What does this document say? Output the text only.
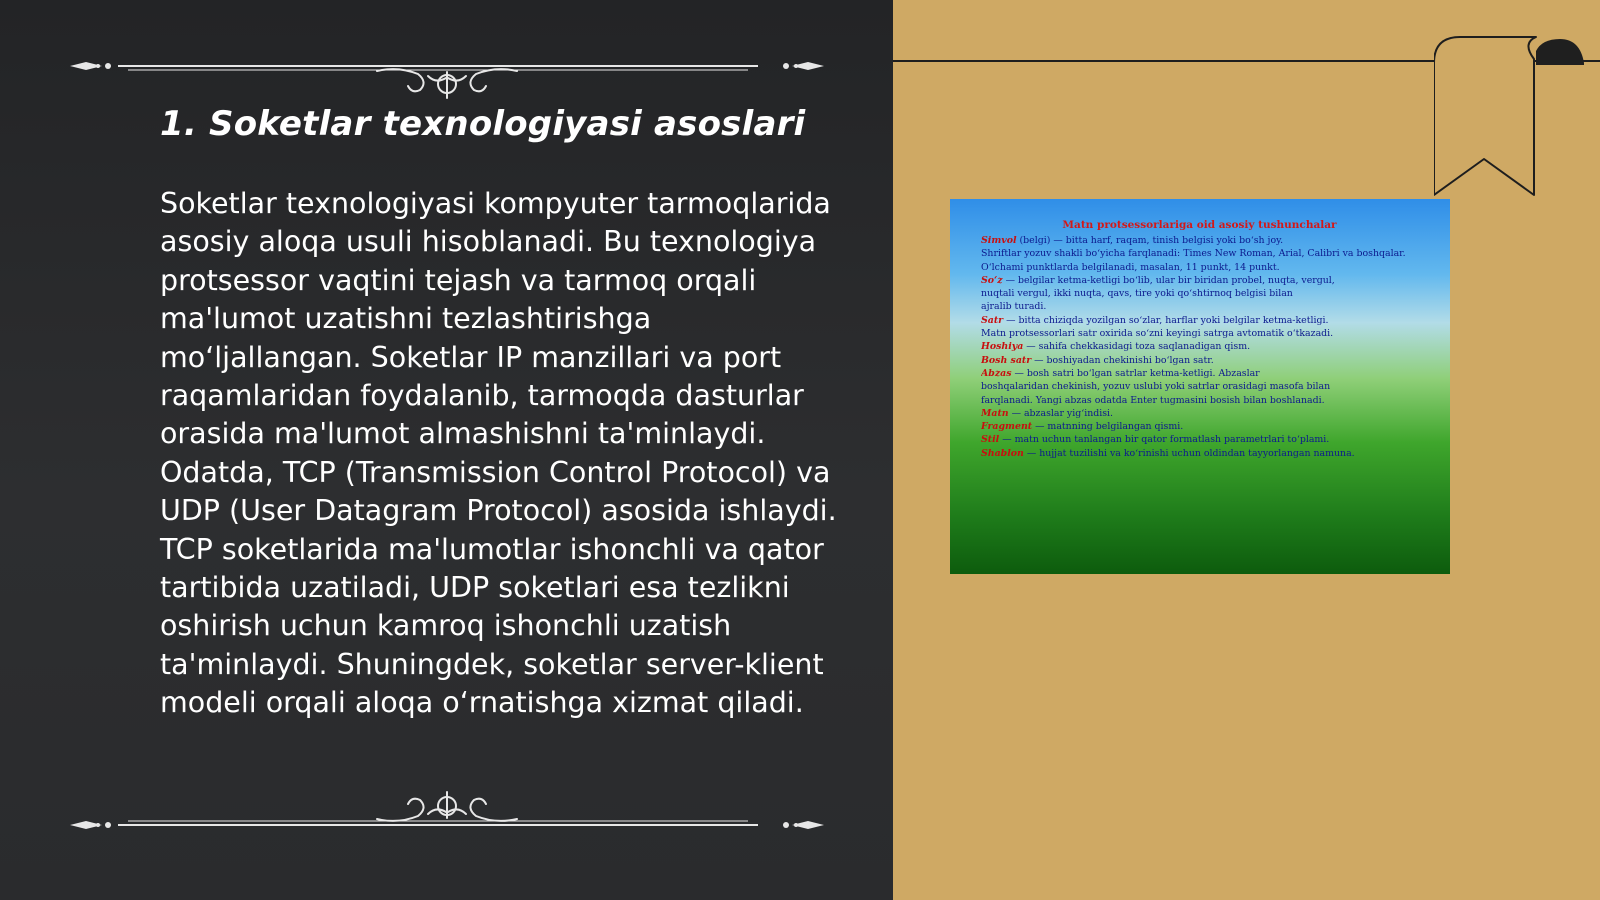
1. Soketlar texnologiyasi asoslari

Soketlar texnologiyasi kompyuter tarmoqlarida asosiy aloqa usuli hisoblanadi. Bu texnologiya protsessor vaqtini tejash va tarmoq orqali ma'lumot uzatishni tezlashtirishga mo‘ljallangan. Soketlar IP manzillari va port raqamlaridan foydalanib, tarmoqda dasturlar orasida ma'lumot almashishni ta'minlaydi. Odatda, TCP (Transmission Control Protocol) va UDP (User Datagram Protocol) asosida ishlaydi. TCP soketlarida ma'lumotlar ishonchli va qator tartibida uzatiladi, UDP soketlari esa tezlikni oshirish uchun kamroq ishonchli uzatish ta'minlaydi. Shuningdek, soketlar server-klient modeli orqali aloqa o‘rnatishga xizmat qiladi.

Matn protsessorlariga oid asosiy tushunchalar

Simvol (belgi) — bitta harf, raqam, tinish belgisi yoki bo‘sh joy.

Shriftlar yozuv shakli bo‘yicha farqlanadi: Times New Roman, Arial, Calibri va boshqalar.

O‘lchami punktlarda belgilanadi, masalan, 11 punkt, 14 punkt.

So‘z — belgilar ketma-ketligi bo‘lib, ular bir biridan probel, nuqta, vergul,

nuqtali vergul, ikki nuqta, qavs, tire yoki qo‘shtirnoq belgisi bilan

ajralib turadi.

Satr — bitta chiziqda yozilgan so‘zlar, harflar yoki belgilar ketma-ketligi.

Matn protsessorlari satr oxirida so‘zni keyingi satrga avtomatik o‘tkazadi.

Hoshiya — sahifa chekkasidagi toza saqlanadigan qism.

Bosh satr — boshiyadan chekinishi bo‘lgan satr.

Abzas — bosh satri bo‘lgan satrlar ketma-ketligi. Abzaslar

boshqalaridan chekinish, yozuv uslubi yoki satrlar orasidagi masofa bilan

farqlanadi. Yangi abzas odatda Enter tugmasini bosish bilan boshlanadi.

Matn — abzaslar yig‘indisi.

Fragment — matnning belgilangan qismi.

Stil — matn uchun tanlangan bir qator formatlash parametrlari to‘plami.

Shablon — hujjat tuzilishi va ko‘rinishi uchun oldindan tayyorlangan namuna.
